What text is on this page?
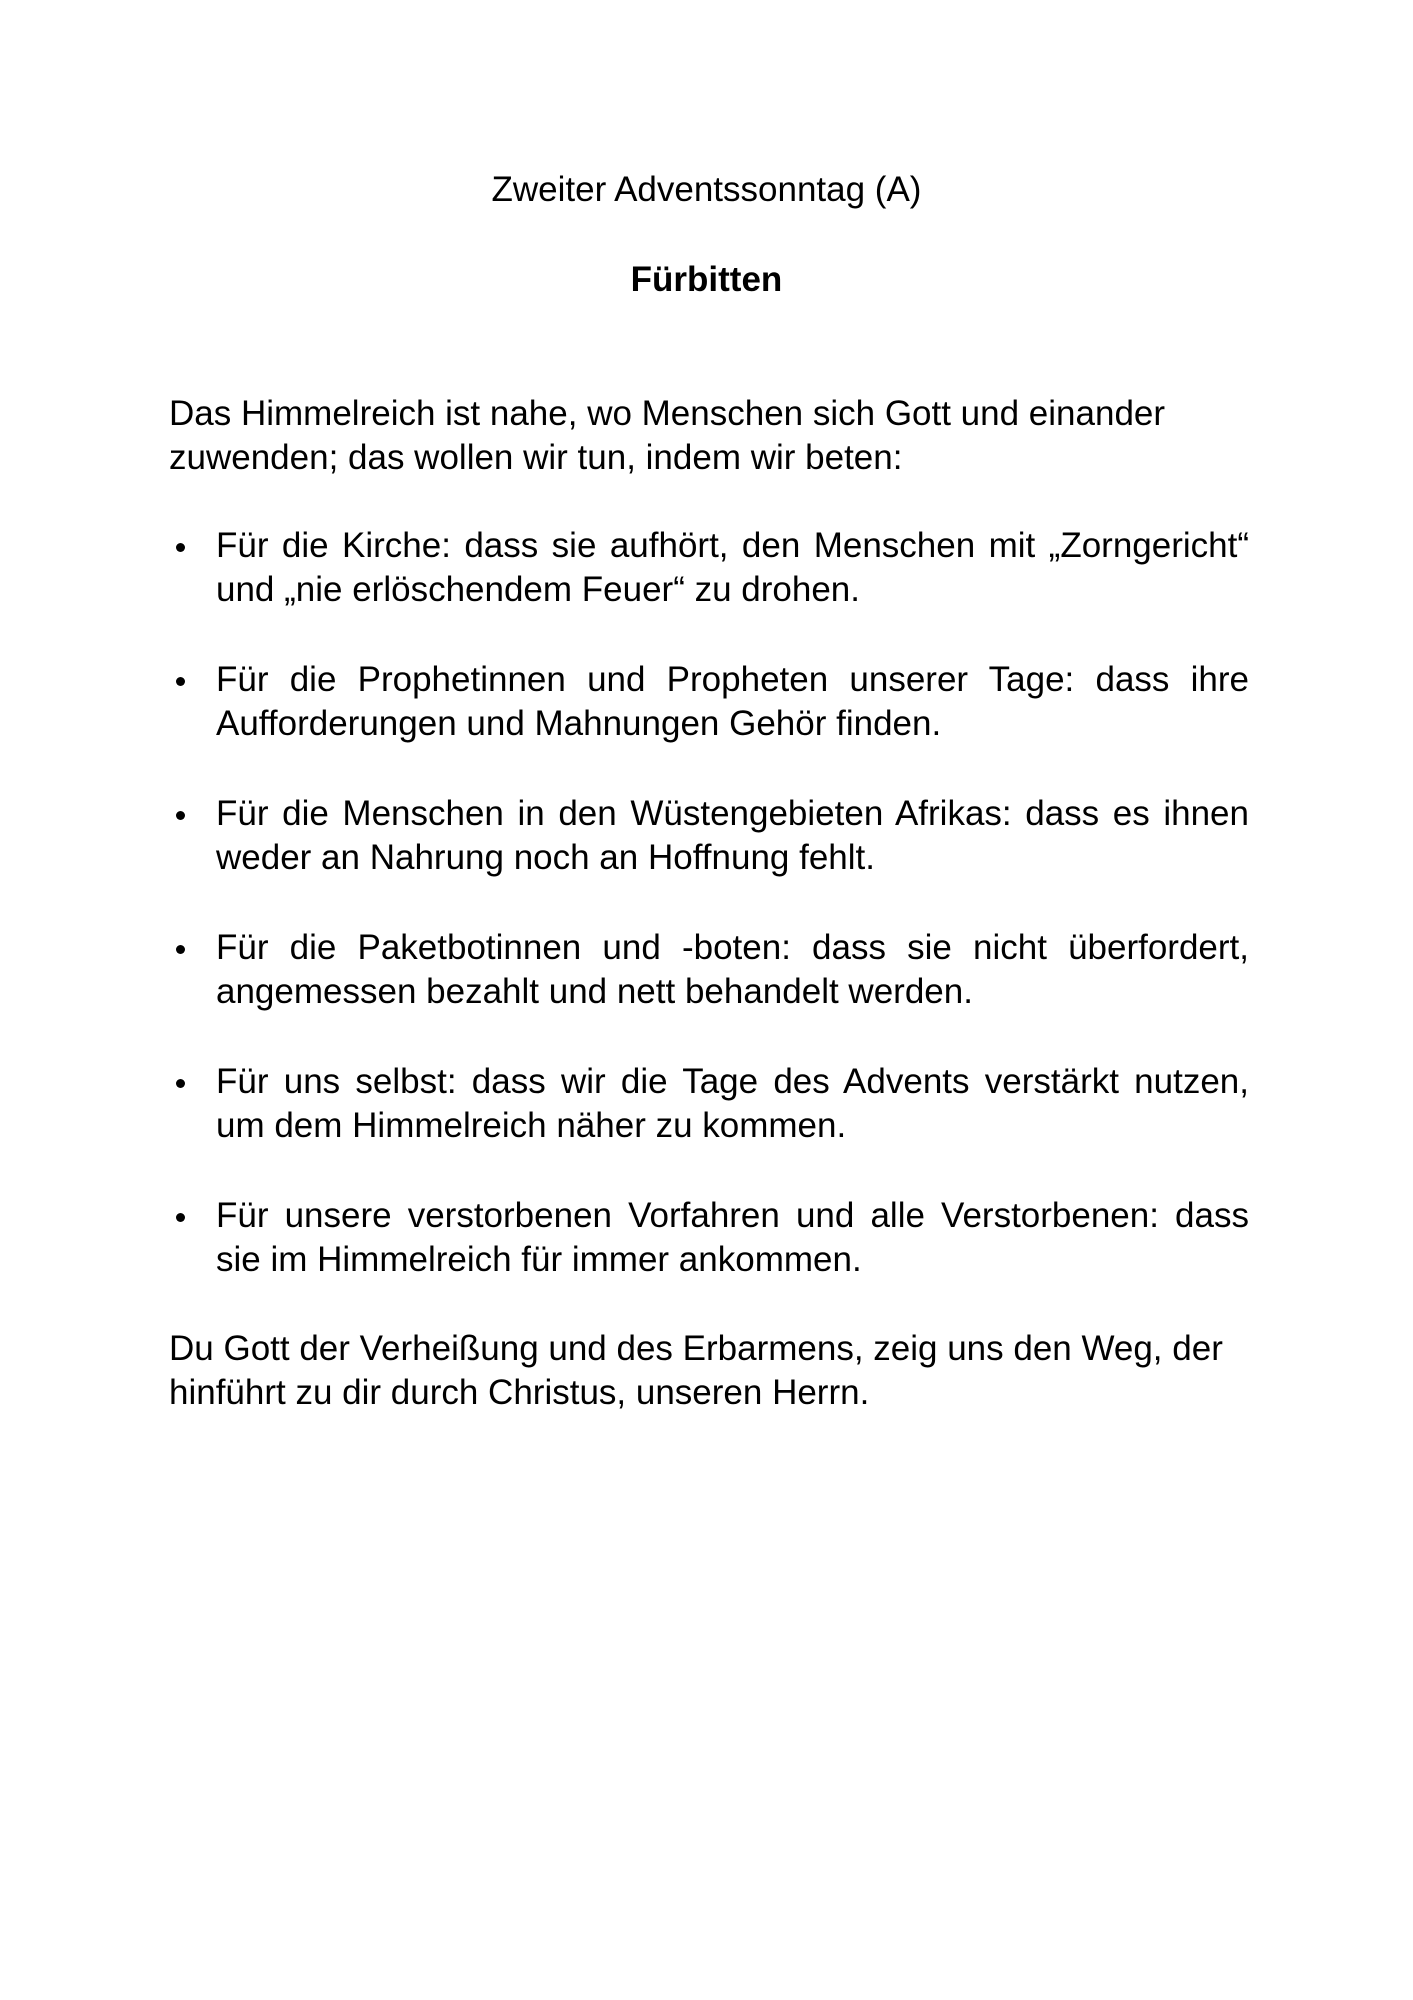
Zweiter Adventssonntag (A)
Fürbitten

Das Himmelreich ist nahe, wo Menschen sich Gott und einander zuwenden; das wollen wir tun, indem wir beten:

Für die Kirche: dass sie aufhört, den Menschen mit „Zorngericht“ und „nie erlöschendem Feuer“ zu drohen.
Für die Prophetinnen und Propheten unserer Tage: dass ihre Aufforderungen und Mahnungen Gehör finden.
Für die Menschen in den Wüstengebieten Afrikas: dass es ihnen weder an Nahrung noch an Hoffnung fehlt.
Für die Paketbotinnen und -boten: dass sie nicht überfordert, angemessen bezahlt und nett behandelt werden.
Für uns selbst: dass wir die Tage des Advents verstärkt nutzen, um dem Himmelreich näher zu kommen.
Für unsere verstorbenen Vorfahren und alle Verstorbenen: dass sie im Himmelreich für immer ankommen.

Du Gott der Verheißung und des Erbarmens, zeig uns den Weg, der hinführt zu dir durch Christus, unseren Herrn.
